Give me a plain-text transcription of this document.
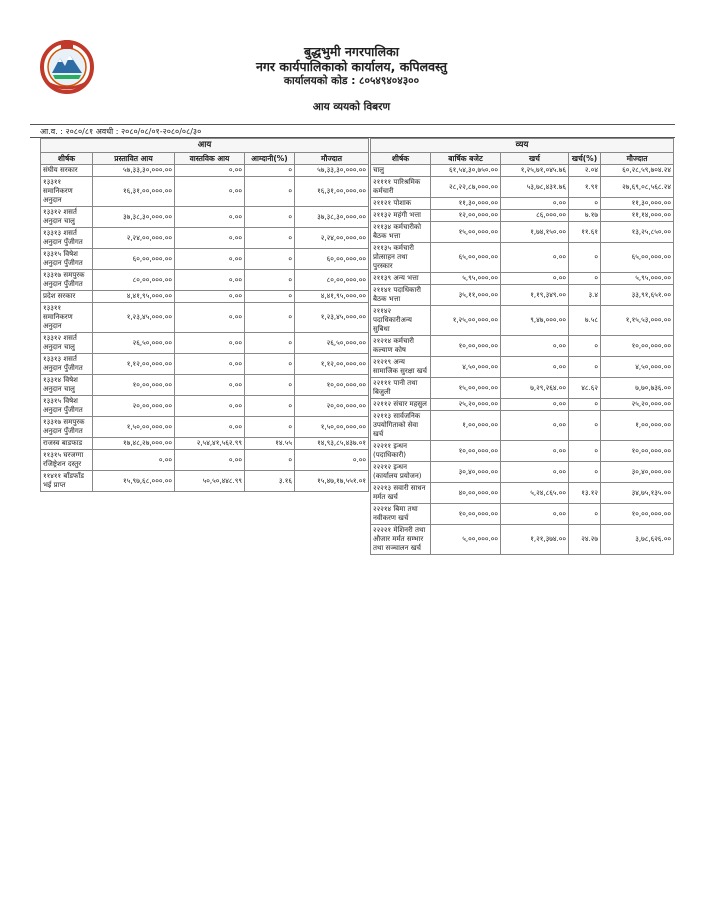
बुद्धभुमी नगरपालिका
नगर कार्यपालिकाको कार्यालय, कपिलवस्तु
कार्यालयको कोड : ८०५४९४०४३००
आय व्ययको विबरण
आ.व. : २०८०/८१ अवधी : २०८०/०८/०१-२०८०/०८/३०
आय				
शीर्षक	प्रस्तावित आय	वास्तविक आय	आम्दानी(%)	मौज्दात
संघीय सरकार	५७,३३,३०,०००.००	०.००	०	५७,३३,३०,०००.००
१३३११ समानिकरण अनुदान	१६,३१,००,०००.००	०.००	०	१६,३१,००,०००.००
१३३१२ शसर्त अनुदान चालु	३७,३८,३०,०००.००	०.००	०	३७,३८,३०,०००.००
१३३१३ शसर्त अनुदान पुँजीगत	२,२४,००,०००.००	०.००	०	२,२४,००,०००.००
१३३१५ विषेश अनुदान पुँजीगत	६०,००,०००.००	०.००	०	६०,००,०००.००
१३३१७ समपुरक अनुदान पुँजीगत	८०,००,०००.००	०.००	०	८०,००,०००.००
प्रदेश सरकार	४,४१,९५,०००.००	०.००	०	४,४१,९५,०००.००
१३३११ समानिकरण अनुदान	१,२३,४५,०००.००	०.००	०	१,२३,४५,०००.००
१३३१२ शसर्त अनुदान चालु	२६,५०,०००.००	०.००	०	२६,५०,०००.००
१३३१३ शसर्त अनुदान पुँजीगत	१,१२,००,०००.००	०.००	०	१,१२,००,०००.००
१३३१४ विषेश अनुदान चालु	१०,००,०००.००	०.००	०	१०,००,०००.००
१३३१५ विषेश अनुदान पुँजीगत	२०,००,०००.००	०.००	०	२०,००,०००.००
१३३१७ समपुरक अनुदान पुँजीगत	१,५०,००,०००.००	०.००	०	१,५०,००,०००.००
राजस्व बाडफाड	१७,४८,२७,०००.००	२,५४,४१,५६२.९९	१४.५५	१४,९३,८५,४३७.०१
११३१५ घरजग्गा रजिष्ट्रेशन दस्तुर	०.००	०.००	०	०.००
११४११ बाँडफाँड भई प्राप्त	१५,९७,६८,०००.००	५०,५०,४४८.९९	३.१६	१५,४७,१७,५५१.०१
व्यय				
शीर्षक	बार्षिक बजेट	खर्च	खर्च(%)	मौज्दात
चालु	६१,५४,३०,७५०.००	१,२५,७१,०४५.७६	२.०४	६०,२८,५९,७०४.२४
२११११ पारिश्रमिक कर्मचारी	२८,२२,८७,०००.००	५३,७८,४३१.७६	१.९१	२७,६९,०८,५६८.२४
२११२१ पोशाक	११,३०,०००.००	०.००	०	११,३०,०००.००
२११३२ महंगी भत्ता	१२,००,०००.००	८६,०००.००	७.१७	११,१४,०००.००
२११३४ कर्मचारीको बैठक भत्ता	१५,००,०००.००	१,७४,१५०.००	११.६१	१३,२५,८५०.००
२११३५ कर्मचारी प्रोत्साहन तथा पुरस्कार	६५,००,०००.००	०.००	०	६५,००,०००.००
२११३९ अन्य भत्ता	५,९५,०००.००	०.००	०	५,९५,०००.००
२११४१ पदाधिकारी बैठक भत्ता	३५,११,०००.००	१,१९,३४९.००	३.४	३३,९१,६५१.००
२११४२ पदाधिकारीअन्य सुबिधा	१,२५,००,०००.००	९,४७,०००.००	७.५८	१,१५,५३,०००.००
२१२१४ कर्मचारी कल्याण कोष	१०,००,०००.००	०.००	०	१०,००,०००.००
२१२१९ अन्य सामाजिक सुरक्षा खर्च	४,५०,०००.००	०.००	०	४,५०,०००.००
२२१११ पानी तथा बिजुली	१५,००,०००.००	७,२९,२६४.००	४८.६२	७,७०,७३६.००
२२११२ संचार महसुल	२५,२०,०००.००	०.००	०	२५,२०,०००.००
२२११३ सार्वजनिक उपयोगिताको सेवा खर्च	१,००,०००.००	०.००	०	१,००,०००.००
२२२११ इन्धन (पदाधिकारी)	१०,००,०००.००	०.००	०	१०,००,०००.००
२२२१२ इन्धन (कार्यालय प्रयोजन)	३०,४०,०००.००	०.००	०	३०,४०,०००.००
२२२१३ सवारी साधन मर्मत खर्च	४०,००,०००.००	५,२४,८६५.००	१३.१२	३४,७५,१३५.००
२२२१४ बिमा तथा नवीकरण खर्च	१०,००,०००.००	०.००	०	१०,००,०००.००
२२२२१ मेशिनरी तथा औजार मर्मत सम्भार तथा सञ्चालन खर्च	५,००,०००.००	१,२१,३७४.००	२४.२७	३,७८,६२६.००
